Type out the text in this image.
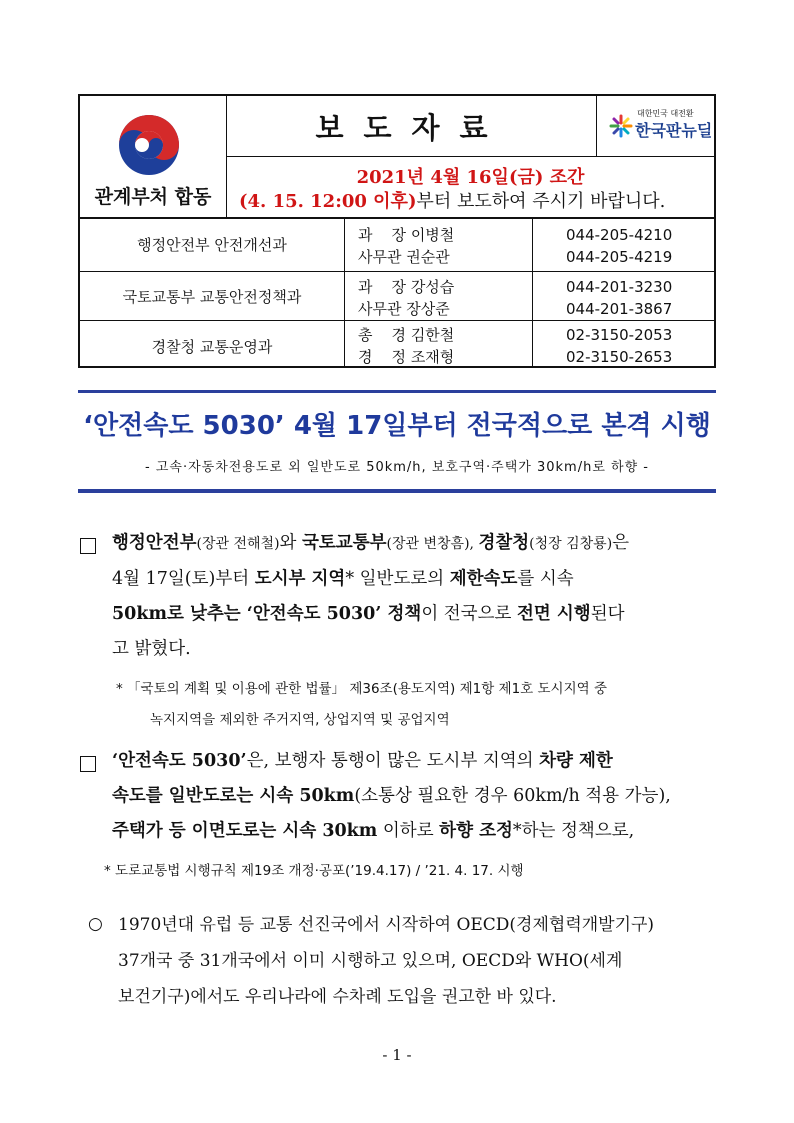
관계부처 합동
보도자료	대한민국 대전환
한국판뉴딜
2021년 4월 16일(금) 조간
(4. 15. 12:00 이후)부터 보도하여 주시기 바랍니다.
행정안전부 안전개선과
과    장 이병철
사무관 권순관
044-205-4210
044-205-4219
국토교통부 교통안전정책과
과    장 강성습
사무관 장상준
044-201-3230
044-201-3867
경찰청 교통운영과
총    경 김한철
경    정 조재형
02-3150-2053
02-3150-2653
‘안전속도 5030’ 4월 17일부터 전국적으로 본격 시행
- 고속·자동차전용도로 외 일반도로 50km/h, 보호구역·주택가 30km/h로 하향 -
행정안전부(장관 전해철)와 국토교통부(장관 변창흠), 경찰청(청장 김창룡)은
4월 17일(토)부터 도시부 지역* 일반도로의 제한속도를 시속
50km로 낮추는 ‘안전속도 5030’ 정책이 전국으로 전면 시행된다
고 밝혔다.
* 「국토의 계획 및 이용에 관한 법률」 제36조(용도지역) 제1항 제1호 도시지역 중
녹지지역을 제외한 주거지역, 상업지역 및 공업지역
‘안전속도 5030’은, 보행자 통행이 많은 도시부 지역의 차량 제한
속도를 일반도로는 시속 50km(소통상 필요한 경우 60km/h 적용 가능),
주택가 등 이면도로는 시속 30km 이하로 하향 조정*하는 정책으로,
* 도로교통법 시행규칙 제19조 개정·공포(’19.4.17) / ’21. 4. 17. 시행
○ 1970년대 유럽 등 교통 선진국에서 시작하여 OECD(경제협력개발기구)
37개국 중 31개국에서 이미 시행하고 있으며, OECD와 WHO(세계
보건기구)에서도 우리나라에 수차례 도입을 권고한 바 있다.
- 1 -
